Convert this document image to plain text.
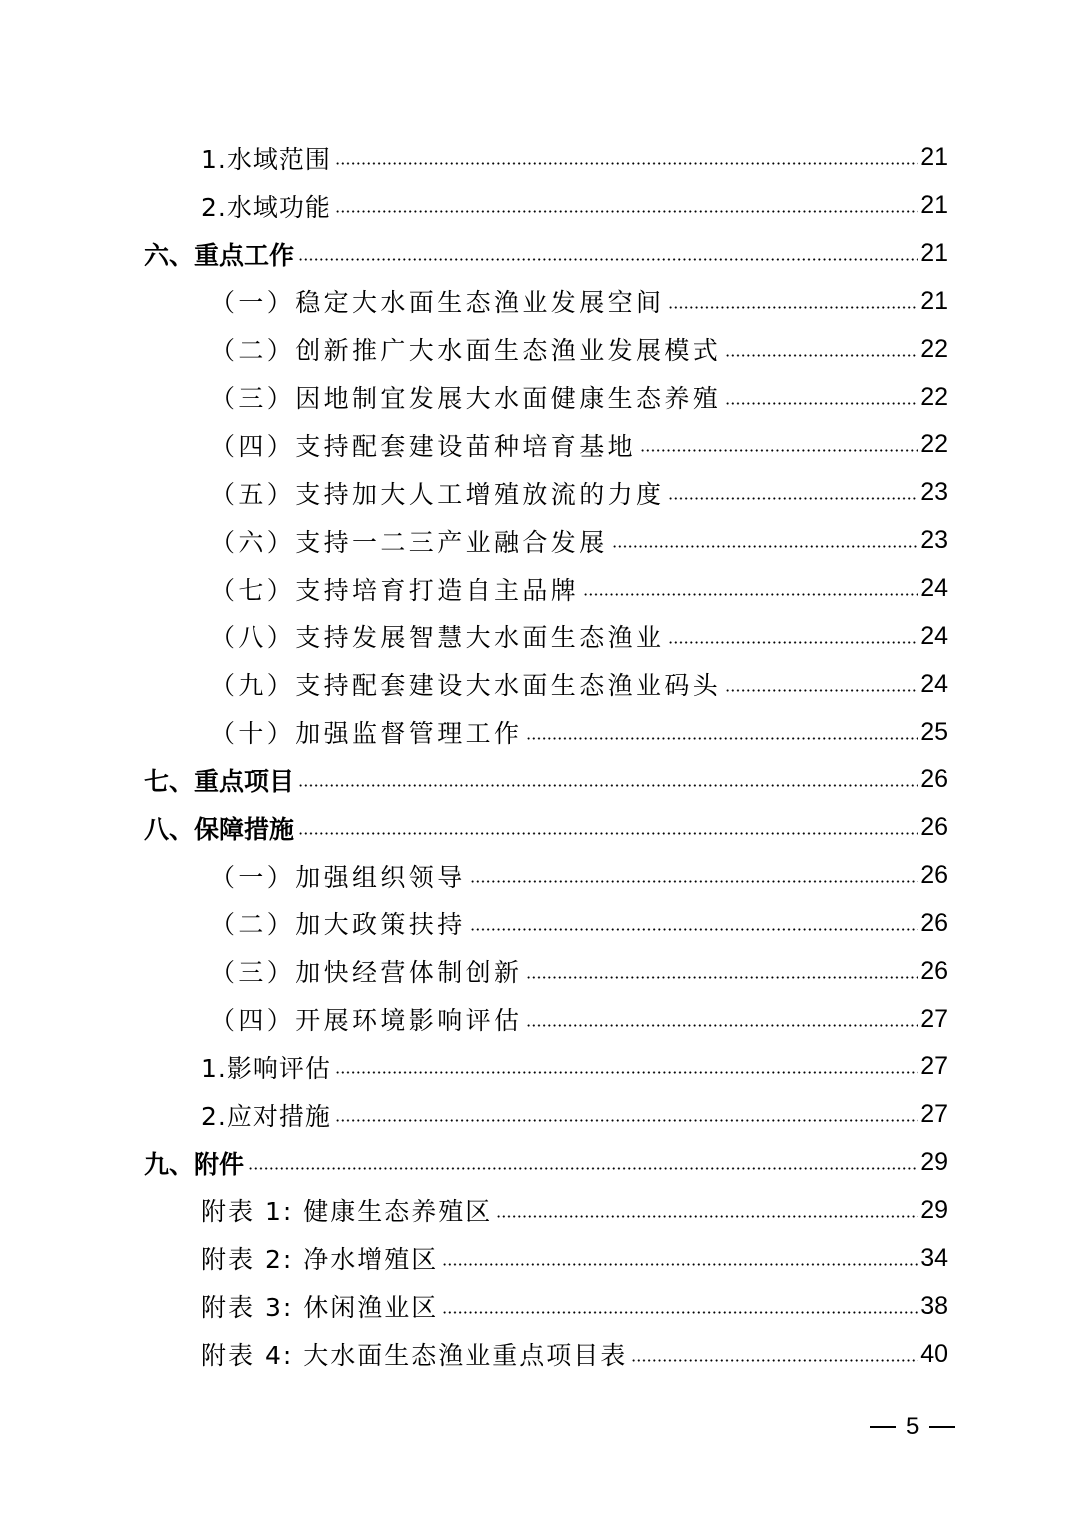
1.水域范围	21
2.水域功能	21
六、重点工作	21
（一）稳定大水面生态渔业发展空间	21
（二）创新推广大水面生态渔业发展模式	22
（三）因地制宜发展大水面健康生态养殖	22
（四）支持配套建设苗种培育基地	22
（五）支持加大人工增殖放流的力度	23
（六）支持一二三产业融合发展	23
（七）支持培育打造自主品牌	24
（八）支持发展智慧大水面生态渔业	24
（九）支持配套建设大水面生态渔业码头	24
（十）加强监督管理工作	25
七、重点项目	26
八、保障措施	26
（一）加强组织领导	26
（二）加大政策扶持	26
（三）加快经营体制创新	26
（四）开展环境影响评估	27
1.影响评估	27
2.应对措施	27
九、附件	29
附表 1: 健康生态养殖区	29
附表 2: 净水增殖区	34
附表 3: 休闲渔业区	38
附表 4: 大水面生态渔业重点项目表	40
5
